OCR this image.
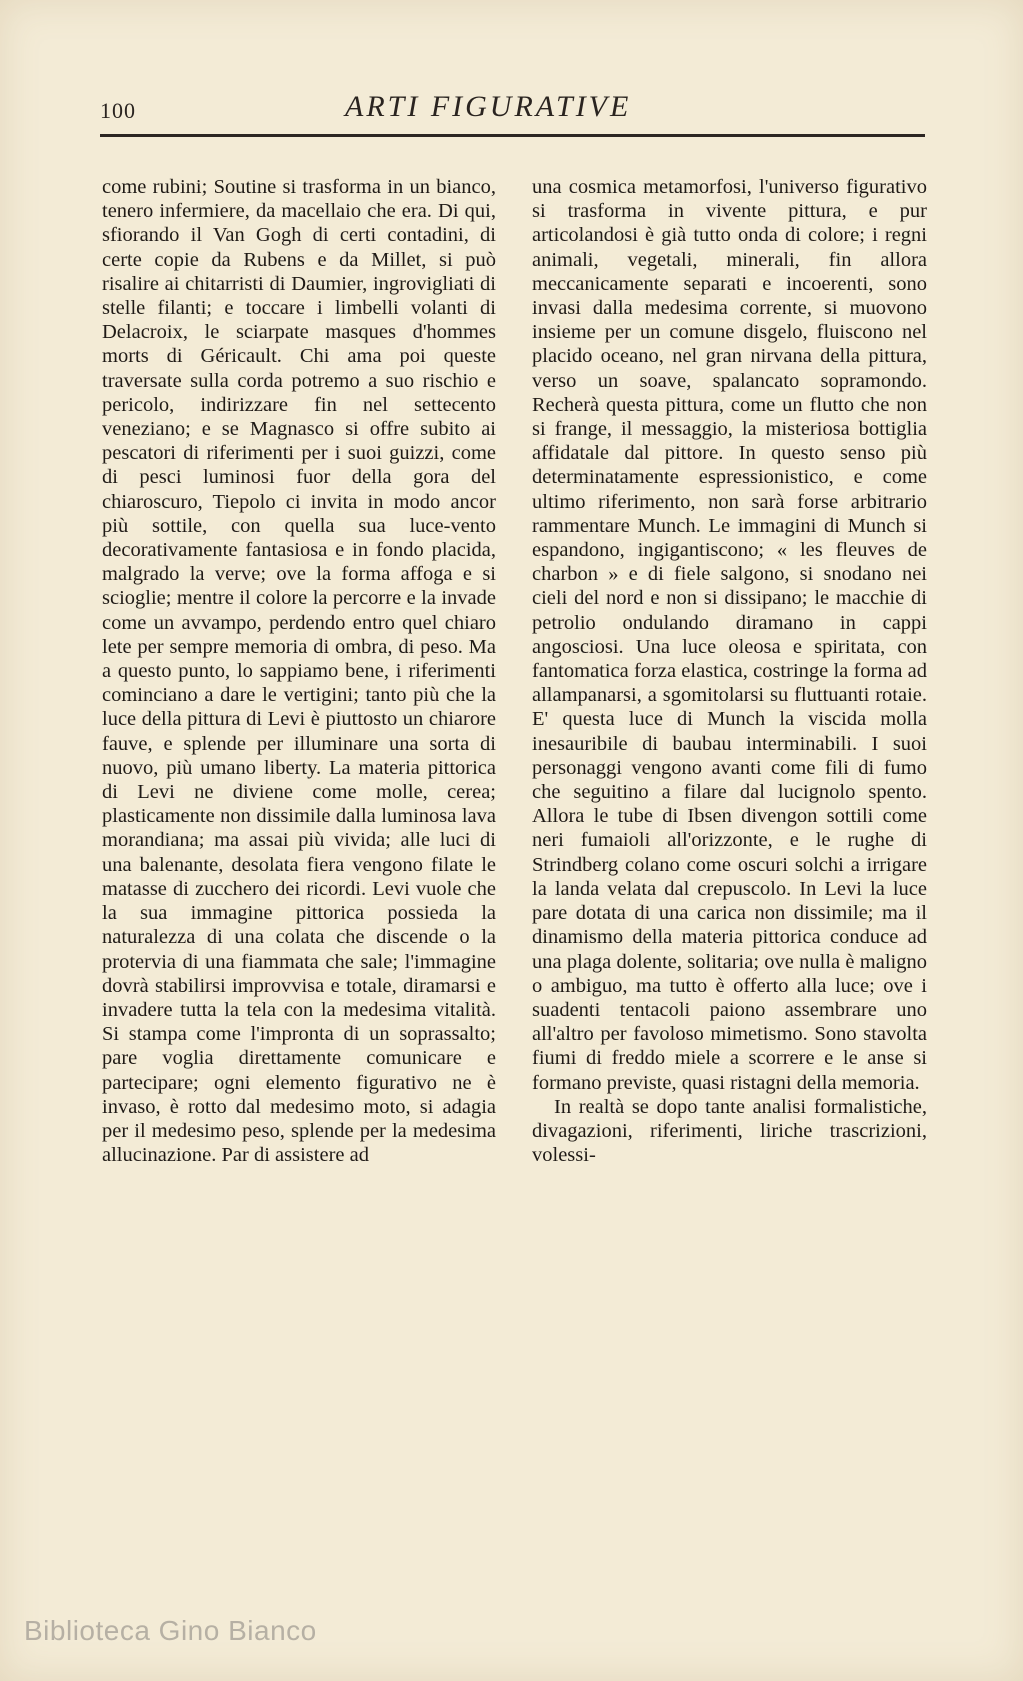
100	ARTI FIGURATIVE

come rubini; Soutine si trasforma in un bianco, tenero infermiere, da macellaio che era. Di qui, sfiorando il Van Gogh di certi contadini, di certe copie da Rubens e da Millet, si può risalire ai chitarristi di Daumier, ingrovigliati di stelle filanti; e toccare i limbelli volanti di Delacroix, le sciarpate masques d'hommes morts di Géricault. Chi ama poi queste traversate sulla corda potremo a suo rischio e pericolo, indirizzare fin nel settecento veneziano; e se Magnasco si offre subito ai pescatori di riferimenti per i suoi guizzi, come di pesci luminosi fuor della gora del chiaroscuro, Tiepolo ci invita in modo ancor più sottile, con quella sua luce-vento decorativamente fantasiosa e in fondo placida, malgrado la verve; ove la forma affoga e si scioglie; mentre il colore la percorre e la invade come un avvampo, perdendo entro quel chiaro lete per sempre memoria di ombra, di peso. Ma a questo punto, lo sappiamo bene, i riferimenti cominciano a dare le vertigini; tanto più che la luce della pittura di Levi è piuttosto un chiarore fauve, e splende per illuminare una sorta di nuovo, più umano liberty. La materia pittorica di Levi ne diviene come molle, cerea; plasticamente non dissimile dalla luminosa lava morandiana; ma assai più vivida; alle luci di una balenante, desolata fiera vengono filate le matasse di zucchero dei ricordi. Levi vuole che la sua immagine pittorica possieda la naturalezza di una colata che discende o la protervia di una fiammata che sale; l'immagine dovrà stabilirsi improvvisa e totale, diramarsi e invadere tutta la tela con la medesima vitalità. Si stampa come l'impronta di un soprassalto; pare voglia direttamente comunicare e partecipare; ogni elemento figurativo ne è invaso, è rotto dal medesimo moto, si adagia per il medesimo peso, splende per la medesima allucinazione. Par di assistere ad

una cosmica metamorfosi, l'universo figurativo si trasforma in vivente pittura, e pur articolandosi è già tutto onda di colore; i regni animali, vegetali, minerali, fin allora meccanicamente separati e incoerenti, sono invasi dalla medesima corrente, si muovono insieme per un comune disgelo, fluiscono nel placido oceano, nel gran nirvana della pittura, verso un soave, spalancato sopramondo. Recherà questa pittura, come un flutto che non si frange, il messaggio, la misteriosa bottiglia affidatale dal pittore. In questo senso più determinatamente espressionistico, e come ultimo riferimento, non sarà forse arbitrario rammentare Munch. Le immagini di Munch si espandono, ingigantiscono; « les fleuves de charbon » e di fiele salgono, si snodano nei cieli del nord e non si dissipano; le macchie di petrolio ondulando diramano in cappi angosciosi. Una luce oleosa e spiritata, con fantomatica forza elastica, costringe la forma ad allampanarsi, a sgomitolarsi su fluttuanti rotaie. E' questa luce di Munch la viscida molla inesauribile di baubau interminabili. I suoi personaggi vengono avanti come fili di fumo che seguitino a filare dal lucignolo spento. Allora le tube di Ibsen divengon sottili come neri fumaioli all'orizzonte, e le rughe di Strindberg colano come oscuri solchi a irrigare la landa velata dal crepuscolo. In Levi la luce pare dotata di una carica non dissimile; ma il dinamismo della materia pittorica conduce ad una plaga dolente, solitaria; ove nulla è maligno o ambiguo, ma tutto è offerto alla luce; ove i suadenti tentacoli paiono assembrare uno all'altro per favoloso mimetismo. Sono stavolta fiumi di freddo miele a scorrere e le anse si formano previste, quasi ristagni della memoria.

In realtà se dopo tante analisi formalistiche, divagazioni, riferimenti, liriche trascrizioni, volessi-

Biblioteca Gino Bianco
